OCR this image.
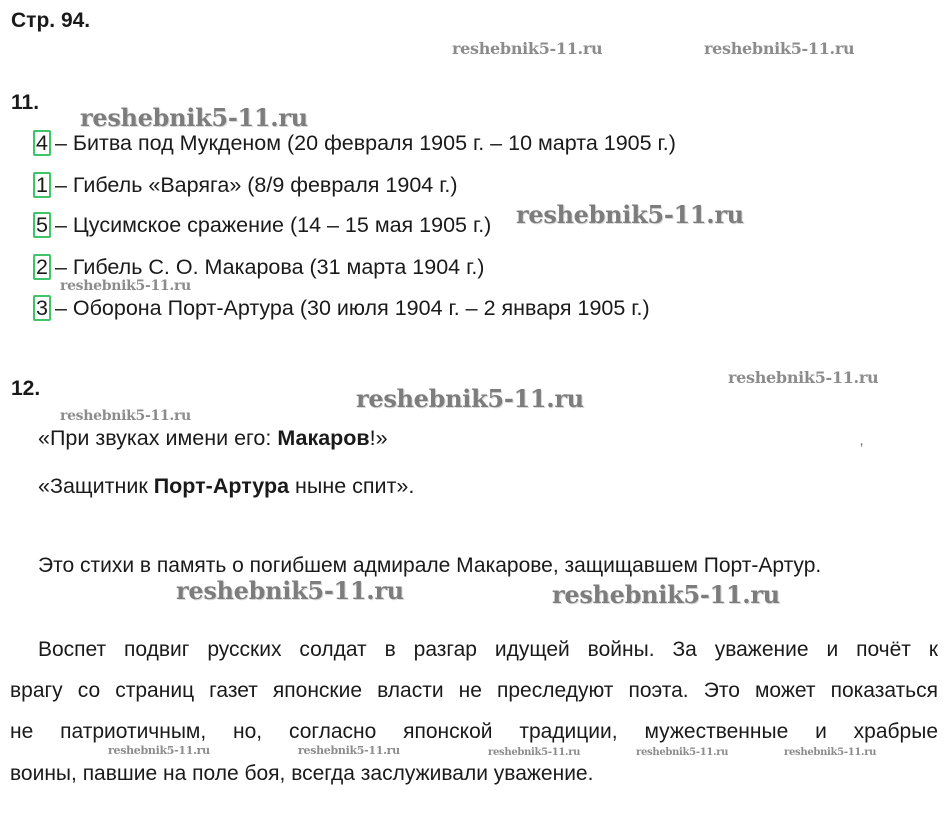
Стр. 94.
11.
4 – Битва под Мукденом (20 февраля 1905 г. – 10 марта 1905 г.)
1 – Гибель «Варяга» (8/9 февраля 1904 г.)
5 – Цусимское сражение (14 – 15 мая 1905 г.)
2 – Гибель С. О. Макарова (31 марта 1904 г.)
3 – Оборона Порт-Артура (30 июля 1904 г. – 2 января 1905 г.)
12.
«При звуках имени его: Макаров!»
«Защитник Порт-Артура ныне спит».
Это стихи в память о погибшем адмирале Макарове, защищавшем Порт-Артур.
Воспет подвиг русских солдат в разгар идущей войны. За уважение и почёт к
врагу со страниц газет японские власти не преследуют поэта. Это может показаться
не патриотичным, но, согласно японской традиции, мужественные и храбрые
воины, павшие на поле боя, всегда заслуживали уважение.
reshebnik5-11.ru	reshebnik5-11.ru
reshebnik5-11.ru
reshebnik5-11.ru
reshebnik5-11.ru
reshebnik5-11.ru
reshebnik5-11.ru
reshebnik5-11.ru
reshebnik5-11.ru	reshebnik5-11.ru
reshebnik5-11.ru	reshebnik5-11.ru	reshebnik5-11.ru	reshebnik5-11.ru	reshebnik5-11.ru
’
